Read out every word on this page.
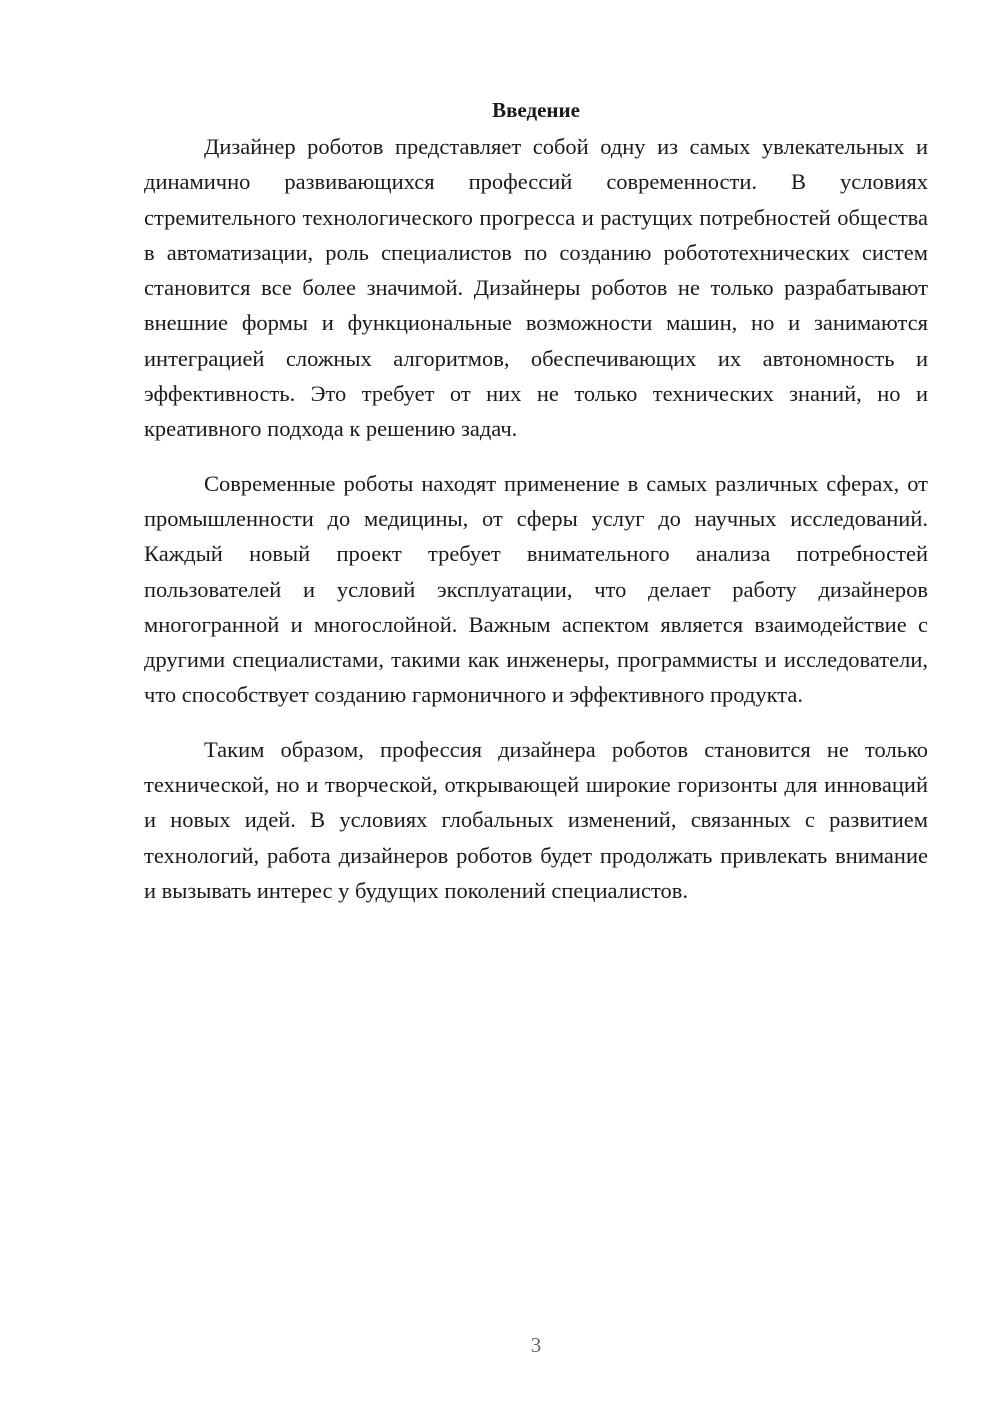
Введение

Дизайнер роботов представляет собой одну из самых увлекательных и динамично развивающихся профессий современности. В условиях стремительного технологического прогресса и растущих потребностей общества в автоматизации, роль специалистов по созданию робототехнических систем становится все более значимой. Дизайнеры роботов не только разрабатывают внешние формы и функциональные возможности машин, но и занимаются интеграцией сложных алгоритмов, обеспечивающих их автономность и эффективность. Это требует от них не только технических знаний, но и креативного подхода к решению задач.

Современные роботы находят применение в самых различных сферах, от промышленности до медицины, от сферы услуг до научных исследований. Каждый новый проект требует внимательного анализа потребностей пользователей и условий эксплуатации, что делает работу дизайнеров многогранной и многослойной. Важным аспектом является взаимодействие с другими специалистами, такими как инженеры, программисты и исследователи, что способствует созданию гармоничного и эффективного продукта.

Таким образом, профессия дизайнера роботов становится не только технической, но и творческой, открывающей широкие горизонты для инноваций и новых идей. В условиях глобальных изменений, связанных с развитием технологий, работа дизайнеров роботов будет продолжать привлекать внимание и вызывать интерес у будущих поколений специалистов.

3
